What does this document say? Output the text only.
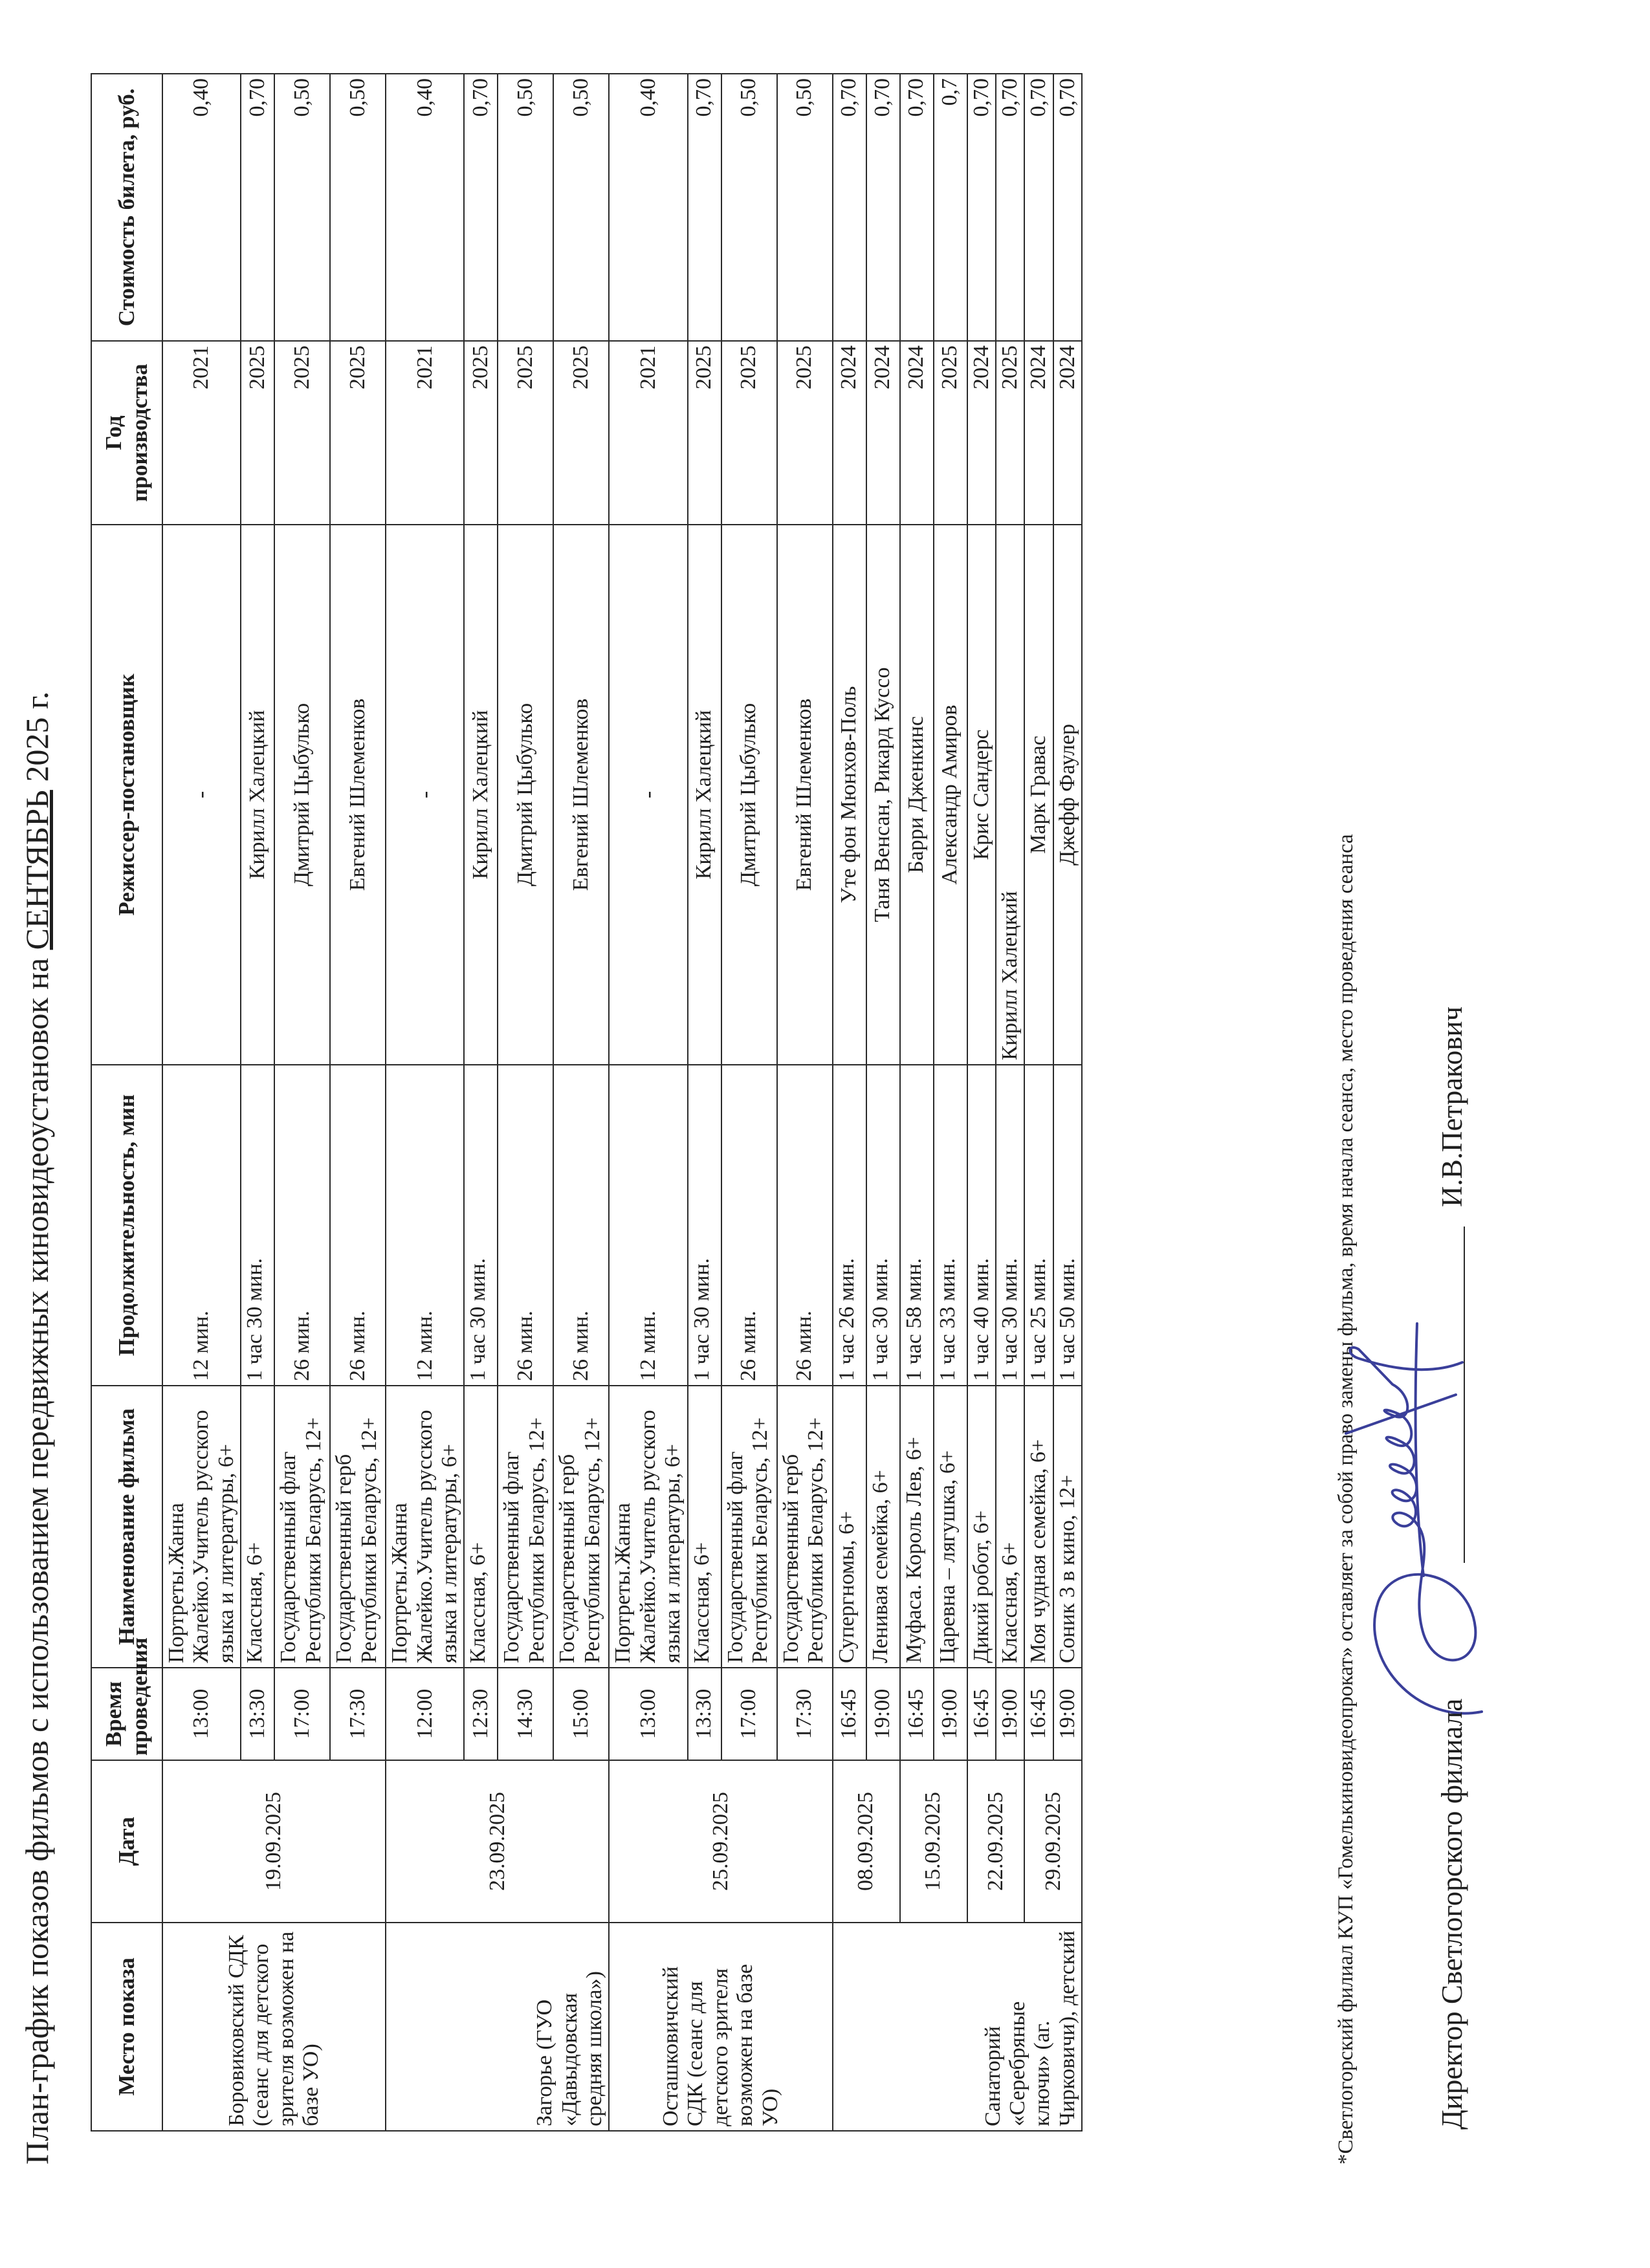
План-график показов фильмов с использованием передвижных киновидеоустановок на СЕНТЯБРЬ 2025 г.
Место показа	Дата	Время проведения	Наименование фильма	Продолжительность, мин	Режиссер-постановщик	Год производства	Стоимость билета, руб.
Боровиковский СДК (сеанс для детского зрителя возможен на базе УО)	19.09.2025	13:00	Портреты.Жанна Жалейко.Учитель русского языка и литературы, 6+	12 мин.	-	2021	0,40
		13:30	Классная, 6+	1 час 30 мин.	Кирилл Халецкий	2025	0,70
		17:00	Государственный флаг Республики Беларусь, 12+	26 мин.	Дмитрий Цыбулько	2025	0,50
		17:30	Государственный герб Республики Беларусь, 12+	26 мин.	Евгений Шлеменков	2025	0,50
Загорье (ГУО «Давыдовская средняя школа»)	23.09.2025	12:00	Портреты.Жанна Жалейко.Учитель русского языка и литературы, 6+	12 мин.	-	2021	0,40
		12:30	Классная, 6+	1 час 30 мин.	Кирилл Халецкий	2025	0,70
		14:30	Государственный флаг Республики Беларусь, 12+	26 мин.	Дмитрий Цыбулько	2025	0,50
		15:00	Государственный герб Республики Беларусь, 12+	26 мин.	Евгений Шлеменков	2025	0,50
Осташковичский СДК (сеанс для детского зрителя возможен на базе УО)	25.09.2025	13:00	Портреты.Жанна Жалейко.Учитель русского языка и литературы, 6+	12 мин.	-	2021	0,40
		13:30	Классная, 6+	1 час 30 мин.	Кирилл Халецкий	2025	0,70
		17:00	Государственный флаг Республики Беларусь, 12+	26 мин.	Дмитрий Цыбулько	2025	0,50
		17:30	Государственный герб Республики Беларусь, 12+	26 мин.	Евгений Шлеменков	2025	0,50
Санаторий «Серебряные ключи» (аг. Чирковичи), детский	08.09.2025	16:45	Супергномы, 6+	1 час 26 мин.	Уте фон Мюнхов-Поль	2024	0,70
		19:00	Ленивая семейка, 6+	1 час 30 мин.	Таня Венсан, Рикард Куссо	2024	0,70
	15.09.2025	16:45	Муфаса. Король Лев, 6+	1 час 58 мин.	Барри Дженкинс	2024	0,70
		19:00	Царевна – лягушка, 6+	1 час 33 мин.	Александр Амиров	2025	0,7
	22.09.2025	16:45	Дикий робот, 6+	1 час 40 мин.	Крис Сандерс	2024	0,70
		19:00	Классная, 6+	1 час 30 мин.	Кирилл Халецкий	2025	0,70
	29.09.2025	16:45	Моя чудная семейка, 6+	1 час 25 мин.	Марк Гравас	2024	0,70
		19:00	Соник 3 в кино, 12+	1 час 50 мин.	Джефф Фаулер	2024	0,70
*Светлогорский филиал КУП «Гомелькиновидеопрокат» оставляет за собой право замены фильма, время начала сеанса, место проведения сеанса	Директор Светлогорского филиала
И.В.Петракович
